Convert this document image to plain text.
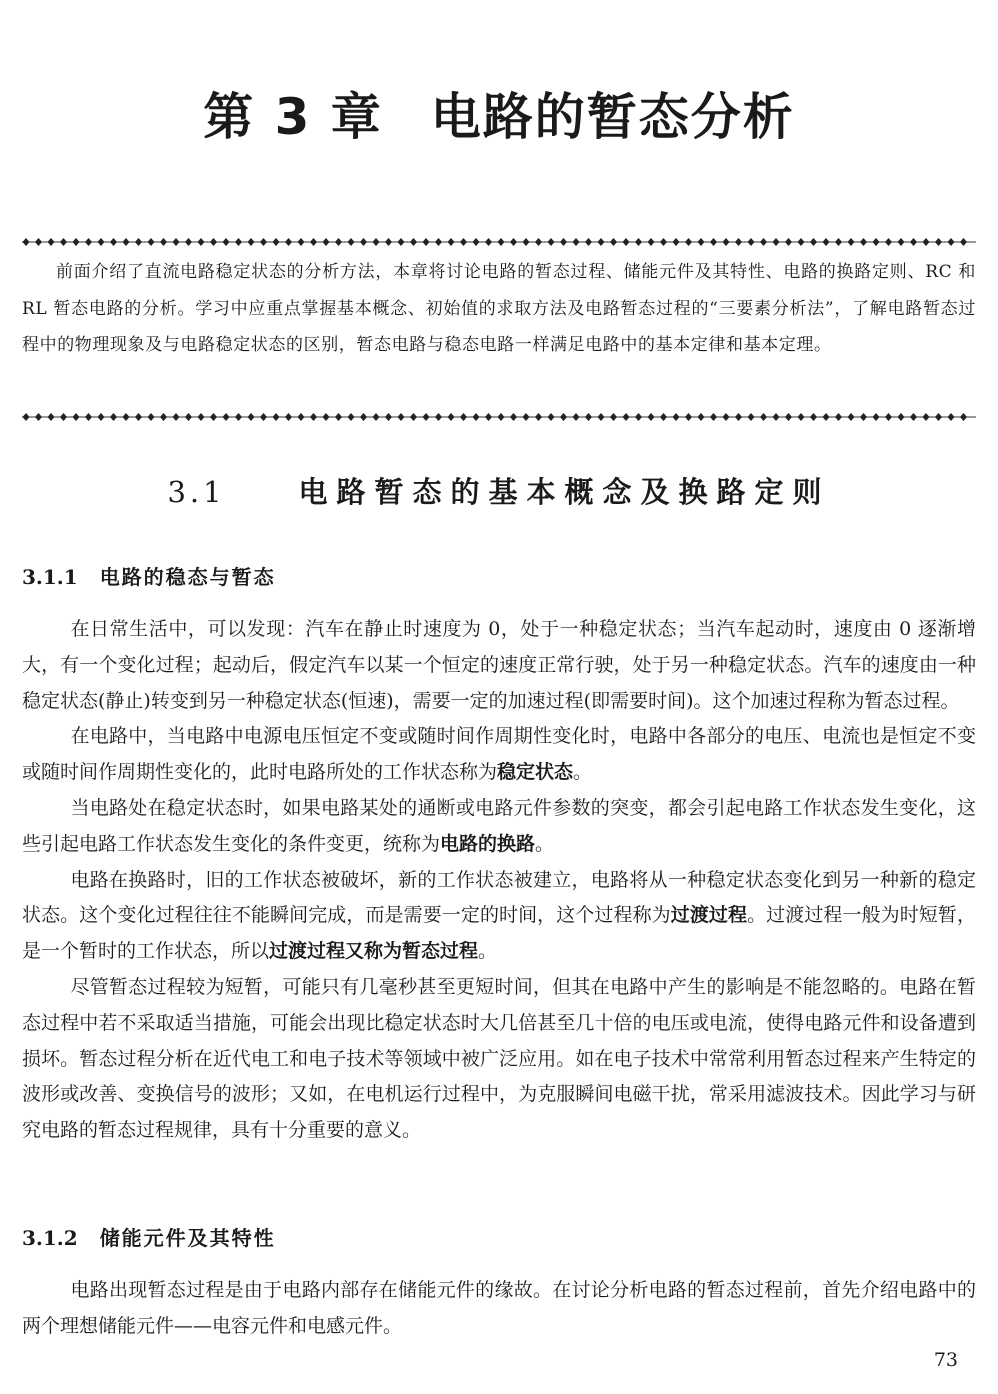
第 3 章 电路的暂态分析

前面介绍了直流电路稳定状态的分析方法，本章将讨论电路的暂态过程、储能元件及其特性、电路的换路定则、RC 和 RL 暂态电路的分析。学习中应重点掌握基本概念、初始值的求取方法及电路暂态过程的“三要素分析法”，了解电路暂态过程中的物理现象及与电路稳定状态的区别，暂态电路与稳态电路一样满足电路中的基本定律和基本定理。

3.1	电路暂态的基本概念及换路定则
3.1.1 电路的稳态与暂态

在日常生活中，可以发现：汽车在静止时速度为 0，处于一种稳定状态；当汽车起动时，速度由 0 逐渐增大，有一个变化过程；起动后，假定汽车以某一个恒定的速度正常行驶，处于另一种稳定状态。汽车的速度由一种稳定状态(静止)转变到另一种稳定状态(恒速)，需要一定的加速过程(即需要时间)。这个加速过程称为暂态过程。

在电路中，当电路中电源电压恒定不变或随时间作周期性变化时，电路中各部分的电压、电流也是恒定不变或随时间作周期性变化的，此时电路所处的工作状态称为稳定状态。

当电路处在稳定状态时，如果电路某处的通断或电路元件参数的突变，都会引起电路工作状态发生变化，这些引起电路工作状态发生变化的条件变更，统称为电路的换路。

电路在换路时，旧的工作状态被破坏，新的工作状态被建立，电路将从一种稳定状态变化到另一种新的稳定状态。这个变化过程往往不能瞬间完成，而是需要一定的时间，这个过程称为过渡过程。过渡过程一般为时短暂，是一个暂时的工作状态，所以过渡过程又称为暂态过程。

尽管暂态过程较为短暂，可能只有几毫秒甚至更短时间，但其在电路中产生的影响是不能忽略的。电路在暂态过程中若不采取适当措施，可能会出现比稳定状态时大几倍甚至几十倍的电压或电流，使得电路元件和设备遭到损坏。暂态过程分析在近代电工和电子技术等领域中被广泛应用。如在电子技术中常常利用暂态过程来产生特定的波形或改善、变换信号的波形；又如，在电机运行过程中，为克服瞬间电磁干扰，常采用滤波技术。因此学习与研究电路的暂态过程规律，具有十分重要的意义。

3.1.2 储能元件及其特性

电路出现暂态过程是由于电路内部存在储能元件的缘故。在讨论分析电路的暂态过程前，首先介绍电路中的两个理想储能元件——电容元件和电感元件。

73
